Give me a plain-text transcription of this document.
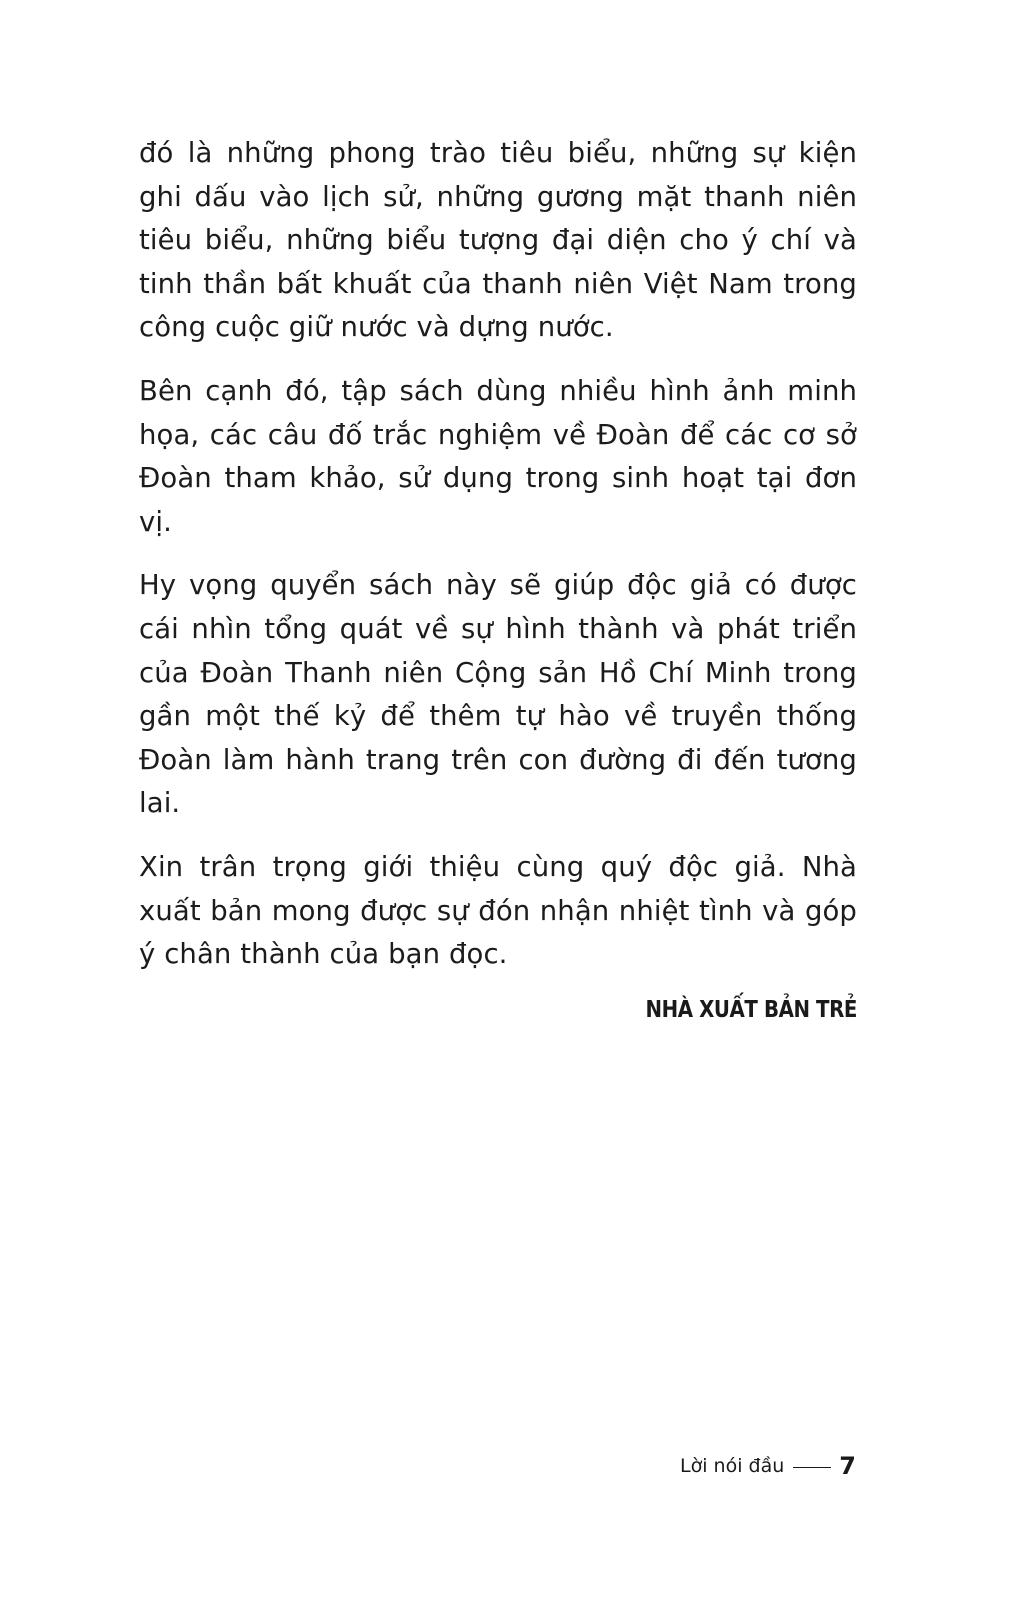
đó là những phong trào tiêu biểu, những sự kiện ghi dấu vào lịch sử, những gương mặt thanh niên tiêu biểu, những biểu tượng đại diện cho ý chí và tinh thần bất khuất của thanh niên Việt Nam trong công cuộc giữ nước và dựng nước.

Bên cạnh đó, tập sách dùng nhiều hình ảnh minh họa, các câu đố trắc nghiệm về Đoàn để các cơ sở Đoàn tham khảo, sử dụng trong sinh hoạt tại đơn vị.

Hy vọng quyển sách này sẽ giúp độc giả có được cái nhìn tổng quát về sự hình thành và phát triển của Đoàn Thanh niên Cộng sản Hồ Chí Minh trong gần một thế kỷ để thêm tự hào về truyền thống Đoàn làm hành trang trên con đường đi đến tương lai.

Xin trân trọng giới thiệu cùng quý độc giả. Nhà xuất bản mong được sự đón nhận nhiệt tình và góp ý chân thành của bạn đọc.

NHÀ XUẤT BẢN TRẺ

Lời nói đầu 7
